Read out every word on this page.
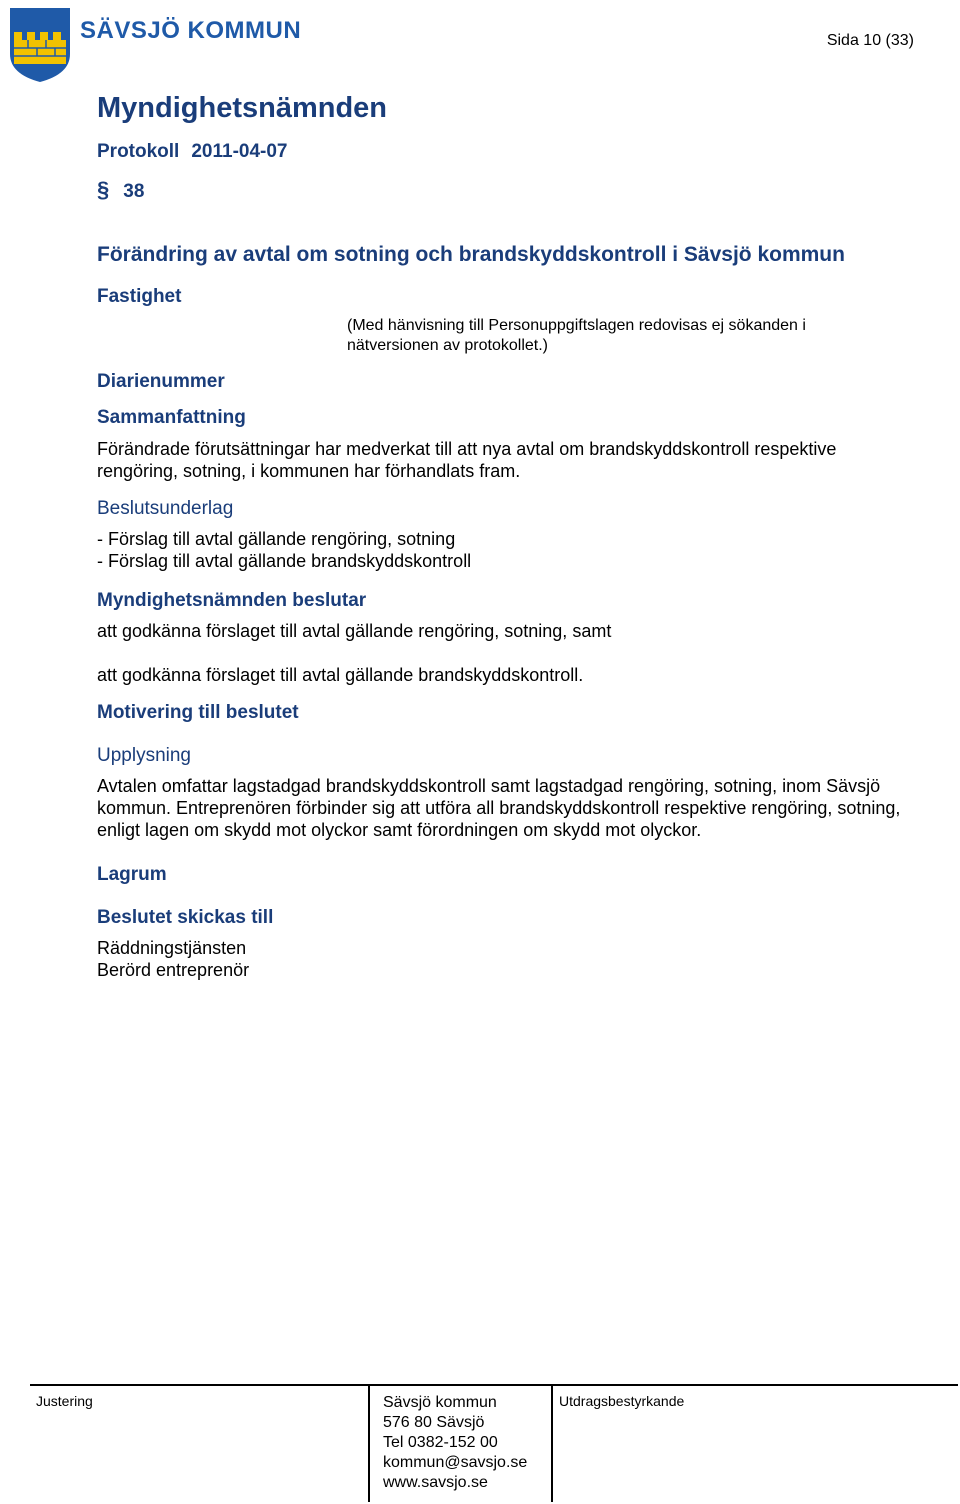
SÄVSJÖ KOMMUN	Sida 10 (33)
Myndighetsnämnden
Protokoll 2011-04-07
§ 38
Förändring av avtal om sotning och brandskyddskontroll i Sävsjö kommun
Fastighet
(Med hänvisning till Personuppgiftslagen redovisas ej sökanden i nätversionen av protokollet.)
Diarienummer
Sammanfattning
Förändrade förutsättningar har medverkat till att nya avtal om brandskyddskontroll respektive rengöring, sotning, i kommunen har förhandlats fram.
Beslutsunderlag
- Förslag till avtal gällande rengöring, sotning
- Förslag till avtal gällande brandskyddskontroll
Myndighetsnämnden beslutar
att godkänna förslaget till avtal gällande rengöring, sotning, samt
att godkänna förslaget till avtal gällande brandskyddskontroll.
Motivering till beslutet
Upplysning
Avtalen omfattar lagstadgad brandskyddskontroll samt lagstadgad rengöring, sotning, inom Sävsjö kommun. Entreprenören förbinder sig att utföra all brandskyddskontroll respektive rengöring, sotning, enligt lagen om skydd mot olyckor samt förordningen om skydd mot olyckor.
Lagrum
Beslutet skickas till
Räddningstjänsten
Berörd entreprenör
Justering	Sävsjö kommun
576 80 Sävsjö
Tel 0382-152 00
kommun@savsjo.se
www.savsjo.se
Utdragsbestyrkande
